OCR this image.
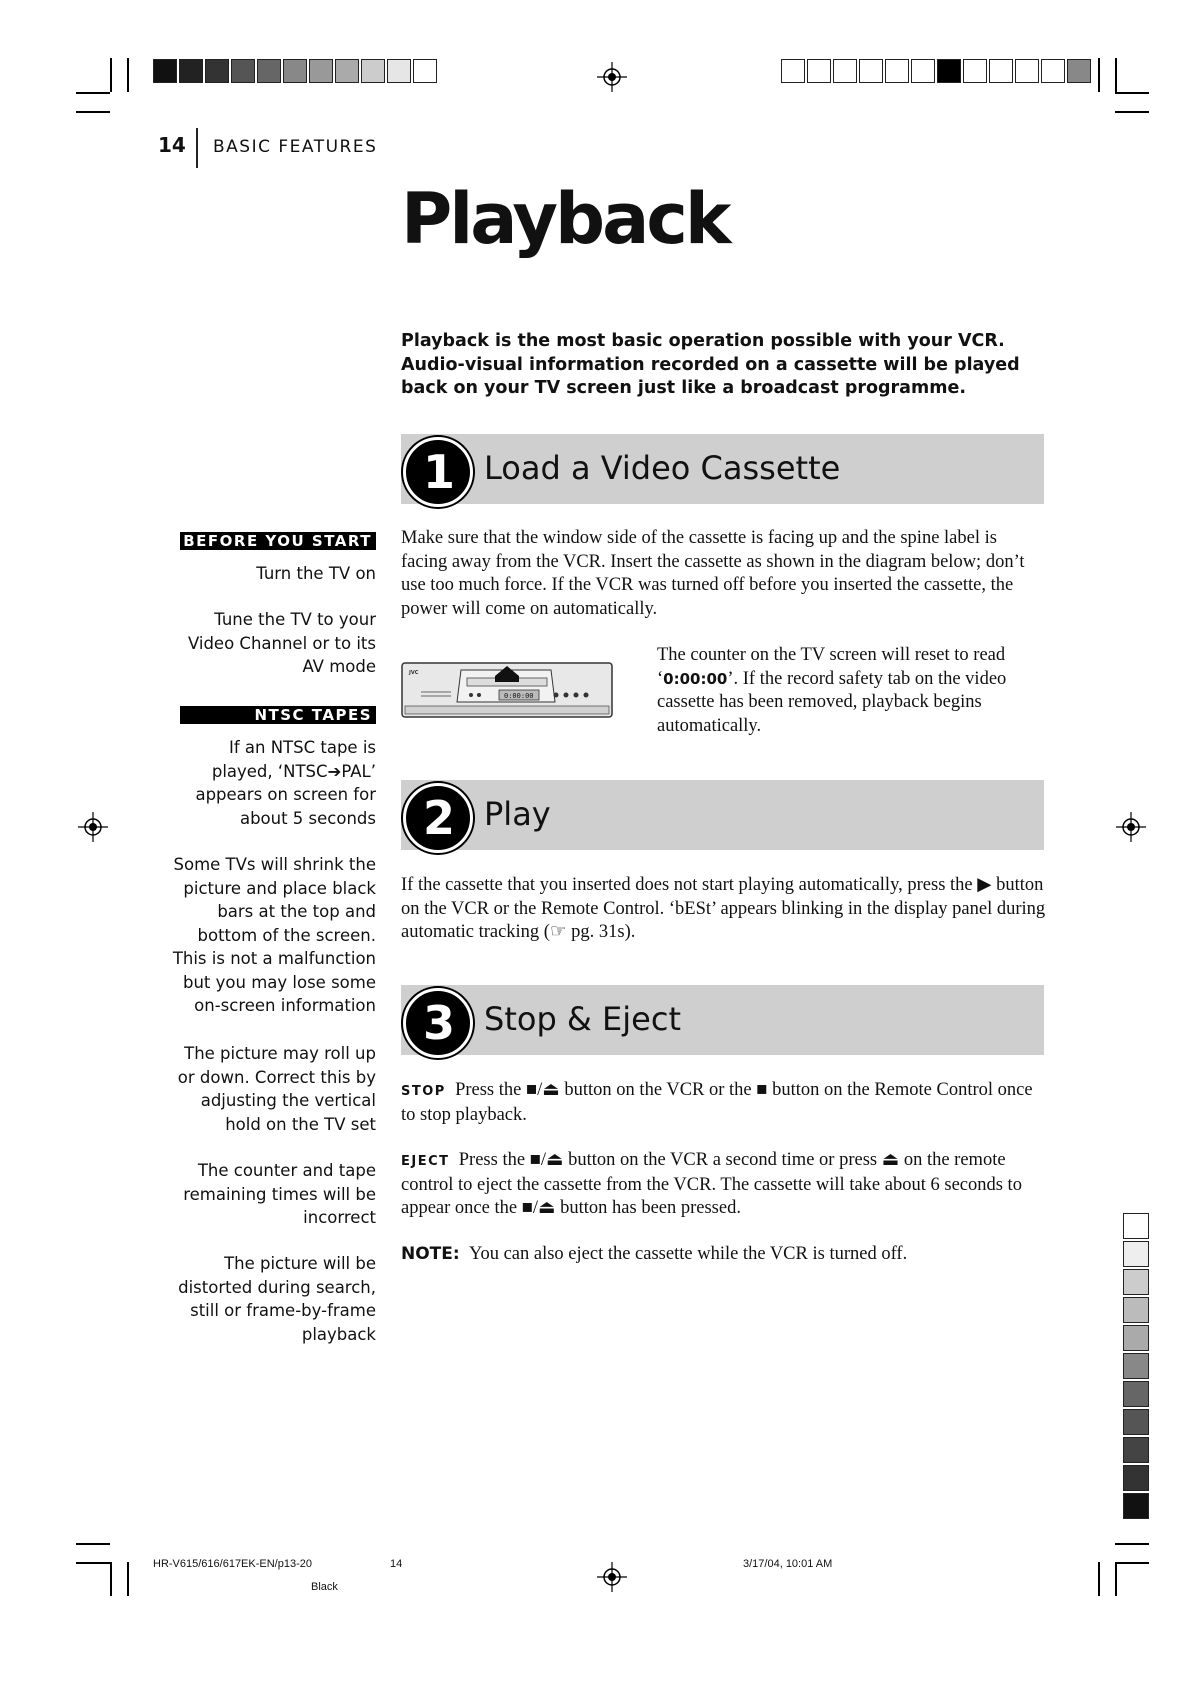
14 BASIC FEATURES
Playback
Playback is the most basic operation possible with your VCR. Audio-visual information recorded on a cassette will be played back on your TV screen just like a broadcast programme.
1 Load a Video Cassette
Make sure that the window side of the cassette is facing up and the spine label is facing away from the VCR. Insert the cassette as shown in the diagram below; don’t use too much force. If the VCR was turned off before you inserted the cassette, the power will come on automatically.
JVC
0:00:00
The counter on the TV screen will reset to read ‘0:00:00’. If the record safety tab on the video cassette has been removed, playback begins automatically.
2 Play
If the cassette that you inserted does not start playing automatically, press the ▶ button on the VCR or the Remote Control. ‘bESt’ appears blinking in the display panel during automatic tracking (☞ pg. 31s).
3 Stop & Eject
STOP Press the ■/⏏ button on the VCR or the ■ button on the Remote Control once to stop playback.
EJECT Press the ■/⏏ button on the VCR a second time or press ⏏ on the remote control to eject the cassette from the VCR. The cassette will take about 6 seconds to appear once the ■/⏏ button has been pressed.
NOTE: You can also eject the cassette while the VCR is turned off.
BEFORE YOU START
Turn the TV on
Tune the TV to your Video Channel or to its AV mode
NTSC TAPES
If an NTSC tape is played, ‘NTSC➔PAL’ appears on screen for about 5 seconds
Some TVs will shrink the picture and place black bars at the top and bottom of the screen. This is not a malfunction but you may lose some on-screen information
The picture may roll up or down. Correct this by adjusting the vertical hold on the TV set
The counter and tape remaining times will be incorrect
The picture will be distorted during search, still or frame-by-frame playback
HR-V615/616/617EK-EN/p13-20	14	3/17/04, 10:01 AM
Black
